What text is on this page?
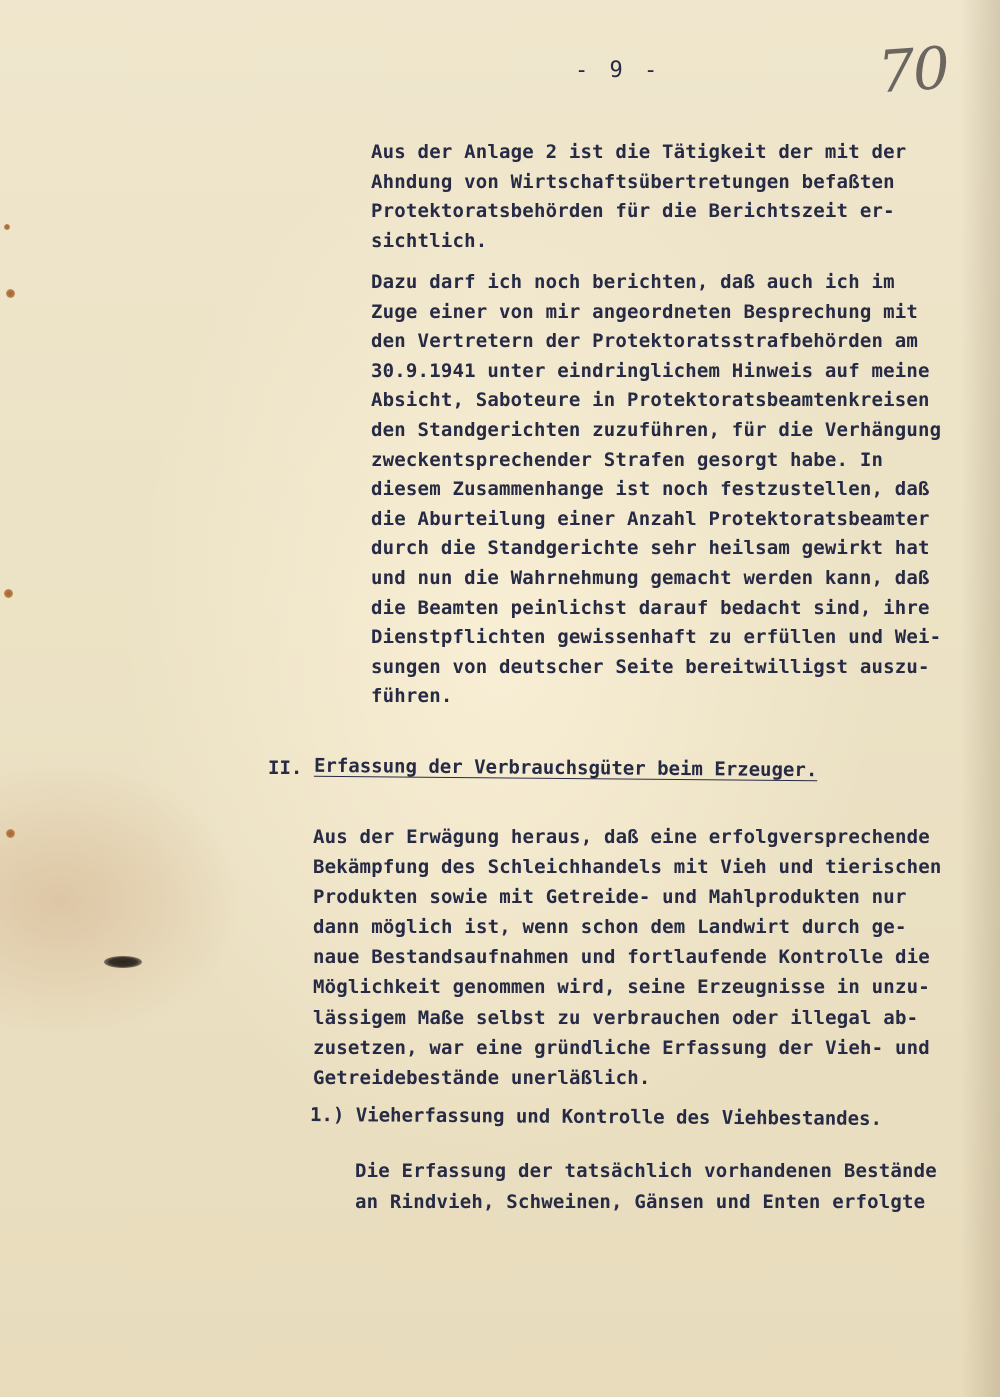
- 9 -	70
Aus der Anlage 2 ist die Tätigkeit der mit der
Ahndung von Wirtschaftsübertretungen befaßten
Protektoratsbehörden für die Berichtszeit er-
sichtlich.
Dazu darf ich noch berichten, daß auch ich im
Zuge einer von mir angeordneten Besprechung mit
den Vertretern der Protektoratsstrafbehörden am
30.9.1941 unter eindringlichem Hinweis auf meine
Absicht, Saboteure in Protektoratsbeamtenkreisen
den Standgerichten zuzuführen, für die Verhängung
zweckentsprechender Strafen gesorgt habe. In
diesem Zusammenhange ist noch festzustellen, daß
die Aburteilung einer Anzahl Protektoratsbeamter
durch die Standgerichte sehr heilsam gewirkt hat
und nun die Wahrnehmung gemacht werden kann, daß
die Beamten peinlichst darauf bedacht sind, ihre
Dienstpflichten gewissenhaft zu erfüllen und Wei-
sungen von deutscher Seite bereitwilligst auszu-
führen.
II. Erfassung der Verbrauchsgüter beim Erzeuger.
Aus der Erwägung heraus, daß eine erfolgversprechende
Bekämpfung des Schleichhandels mit Vieh und tierischen
Produkten sowie mit Getreide- und Mahlprodukten nur
dann möglich ist, wenn schon dem Landwirt durch ge-
naue Bestandsaufnahmen und fortlaufende Kontrolle die
Möglichkeit genommen wird, seine Erzeugnisse in unzu-
lässigem Maße selbst zu verbrauchen oder illegal ab-
zusetzen, war eine gründliche Erfassung der Vieh- und
Getreidebestände unerläßlich.
1.) Vieherfassung und Kontrolle des Viehbestandes.
Die Erfassung der tatsächlich vorhandenen Bestände
an Rindvieh, Schweinen, Gänsen und Enten erfolgte
